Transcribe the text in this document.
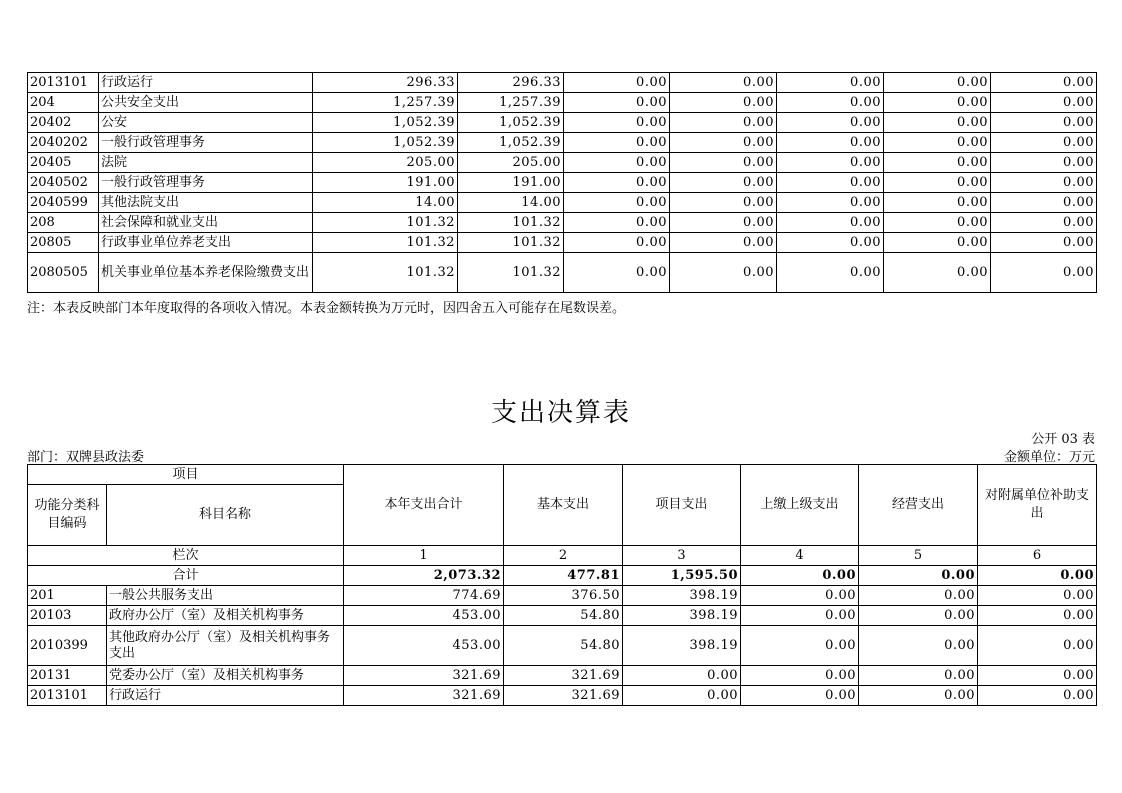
2013101	行政运行	296.33	296.33	0.00	0.00	0.00	0.00	0.00
204	公共安全支出	1,257.39	1,257.39	0.00	0.00	0.00	0.00	0.00
20402	公安	1,052.39	1,052.39	0.00	0.00	0.00	0.00	0.00
2040202	一般行政管理事务	1,052.39	1,052.39	0.00	0.00	0.00	0.00	0.00
20405	法院	205.00	205.00	0.00	0.00	0.00	0.00	0.00
2040502	一般行政管理事务	191.00	191.00	0.00	0.00	0.00	0.00	0.00
2040599	其他法院支出	14.00	14.00	0.00	0.00	0.00	0.00	0.00
208	社会保障和就业支出	101.32	101.32	0.00	0.00	0.00	0.00	0.00
20805	行政事业单位养老支出	101.32	101.32	0.00	0.00	0.00	0.00	0.00
2080505	机关事业单位基本养老保险缴费支出	101.32	101.32	0.00	0.00	0.00	0.00	0.00
注：本表反映部门本年度取得的各项收入情况。本表金额转换为万元时，因四舍五入可能存在尾数误差。
支出决算表
公开 03 表
部门：双牌县政法委	金额单位：万元
项目		本年支出合计	基本支出	项目支出	上缴上级支出	经营支出	对附属单位补助支出
功能分类科目编码	科目名称						
栏次		1	2	3	4	5	6
合计		2,073.32	477.81	1,595.50	0.00	0.00	0.00
201	一般公共服务支出	774.69	376.50	398.19	0.00	0.00	0.00
20103	政府办公厅（室）及相关机构事务	453.00	54.80	398.19	0.00	0.00	0.00
2010399	其他政府办公厅（室）及相关机构事务支出	453.00	54.80	398.19	0.00	0.00	0.00
20131	党委办公厅（室）及相关机构事务	321.69	321.69	0.00	0.00	0.00	0.00
2013101	行政运行	321.69	321.69	0.00	0.00	0.00	0.00
